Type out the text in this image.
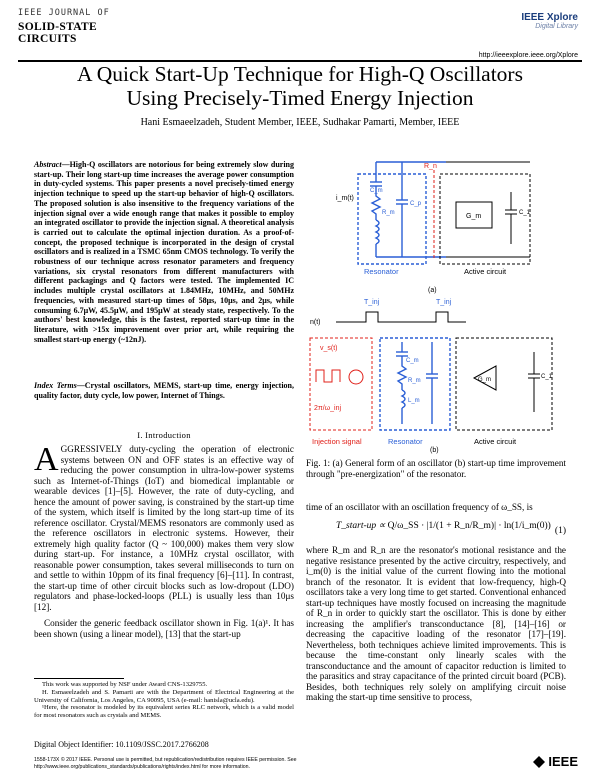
IEEE JOURNAL OF
SOLID-STATE
CIRCUITS
IEEE Xplore
Digital Library
http://ieeexplore.ieee.org/Xplore
A Quick Start-Up Technique for High-Q Oscillators
Using Precisely-Timed Energy Injection
Hani Esmaeelzadeh, Student Member, IEEE, Sudhakar Pamarti, Member, IEEE
Abstract—High-Q oscillators are notorious for being extremely slow during start-up. Their long start-up time increases the average power consumption in duty-cycled systems. This paper presents a novel precisely-timed energy injection technique to speed up the start-up behavior of high-Q oscillators. The proposed solution is also insensitive to the frequency variations of the injection signal over a wide enough range that makes it possible to employ an integrated oscillator to provide the injection signal. A theoretical analysis is carried out to calculate the optimal injection duration. As a proof-of-concept, the proposed technique is incorporated in the design of crystal oscillators and is realized in a TSMC 65nm CMOS technology. To verify the robustness of our technique across resonator parameters and frequency variations, six crystal resonators from different manufacturers with different packagings and Q factors were tested. The implemented IC includes multiple crystal oscillators at 1.84MHz, 10MHz, and 50MHz frequencies, with measured start-up times of 58μs, 10μs, and 2μs, while consuming 6.7μW, 45.5μW, and 195μW at steady state, respectively. To the authors' best knowledge, this is the fastest, reported start-up time in the literature, with >15x improvement over prior art, while requiring the smallest start-up energy (~12nJ).
Index Terms—Crystal oscillators, MEMS, start-up time, energy injection, quality factor, duty cycle, low power, Internet of Things.
I. Introduction
AGGRESSIVELY duty-cycling the operation of electronic systems between ON and OFF states is an effective way of reducing the power consumption in ultra-low-power systems such as Internet-of-Things (IoT) and biomedical implantable or wearable devices [1]–[5]. However, the rate of duty-cycling, and hence the amount of power saving, is constrained by the start-up time of the system, which itself is limited by the long start-up time of its reference oscillator. Crystal/MEMS resonators are commonly used as the reference oscillators in electronic systems. However, their extremely high quality factor (Q ~ 100,000) makes them very slow during start-up. For instance, a 10MHz crystal oscillator, with reasonable power consumption, takes several milliseconds to turn on and settle to within 10ppm of its final frequency [6]–[11]. In contrast, the start-up time of other circuit blocks such as low-dropout (LDO) regulators and phase-locked-loops (PLL) is usually less than 10μs [12].
Consider the generic feedback oscillator shown in Fig. 1(a)¹. It has been shown (using a linear model), [13] that the start-up
This work was supported by NSF under Award CNS-1329755.
H. Esmaeelzadeh and S. Pamarti are with the Department of Electrical Engineering at the University of California, Los Angeles, CA 90095, USA (e-mail: hanisla@ucla.edu).
¹Here, the resonator is modeled by its equivalent series RLC network, which is a valid model for most resonators such as crystals and MEMS.
Digital Object Identifier: 10.1109/JSSC.2017.2766208
1558-173X © 2017 IEEE. Personal use is permitted, but republication/redistribution requires IEEE permission. See http://www.ieee.org/publications_standards/publications/rights/index.html for more information.	IEEE
C_m
R_m
C_p
i_m(t)
Resonator
R_n
G_m	C_1
Active circuit
(a)
n(t)
T_inj	T_inj
v_s(t)
2π/ω_inj
Injection signal
C_m
R_m
L_m
Resonator
G_m	C_1
Active circuit
(b)
Fig. 1: (a) General form of an oscillator (b) start-up time improvement through "pre-energization" of the resonator.
time of an oscillator with an oscillation frequency of ω_SS, is
T_start-up ∝ Q/ω_SS · |1/(1 + R_n/R_m)| · ln(1/i_m(0)) (1)
where R_m and R_n are the resonator's motional resistance and the negative resistance presented by the active circuitry, respectively, and i_m(0) is the initial value of the current flowing into the motional branch of the resonator. It is evident that low-frequency, high-Q oscillators take a very long time to get started. Conventional enhanced start-up techniques have mostly focused on increasing the magnitude of R_n in order to quickly start the oscillator. This is done by either increasing the amplifier's transconductance [8], [14]–[16] or decreasing the capacitive loading of the resonator [17]–[19]. Nevertheless, both techniques achieve limited improvements. This is because the time-constant only linearly scales with the transconductance and the amount of capacitor reduction is limited to the parasitics and stray capacitance of the printed circuit board (PCB). Besides, both techniques rely solely on amplifying circuit noise making the start-up time sensitive to process,
